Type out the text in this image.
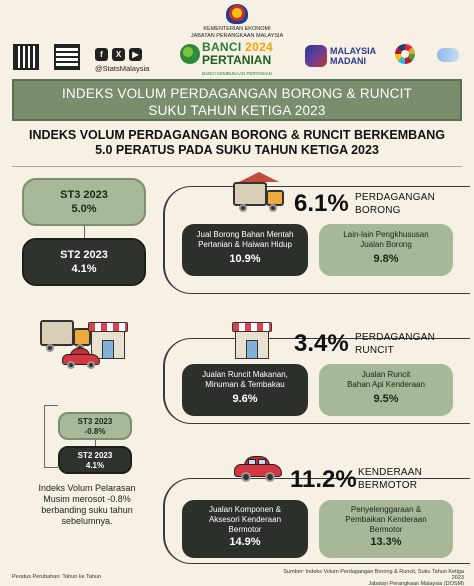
KEMENTERIAN EKONOMI
JABATAN PERANGKAAN MALAYSIA
f	X	▶
@StatsMalaysia
BANCI 2024
PERTANIAN
BANCI KEMBUKAAN PERTANIAN
MALAYSIA
MADANI
INDEKS VOLUM PERDAGANGAN BORONG & RUNCIT
SUKU TAHUN KETIGA 2023
INDEKS VOLUM PERDAGANGAN BORONG & RUNCIT BERKEMBANG
5.0 PERATUS PADA SUKU TAHUN KETIGA 2023
ST3 2023
5.0%
ST2 2023
4.1%
ST3 2023
-0.8%
ST2 2023
4.1%
Indeks Volum Pelarasan
Musim merosot -0.8%
berbanding suku tahun
sebelumnya.
6.1% PERDAGANGAN
BORONG
Jual Borong Bahan Mentah
Pertanian & Haiwan Hidup
10.9%
Lain-lain Pengkhususan
Jualan Borong
9.8%
3.4% PERDAGANGAN
RUNCIT
Jualan Runcit Makanan,
Minuman & Tembakau
9.6%
Jualan Runcit
Bahan Api Kenderaan
9.5%
11.2% KENDERAAN
BERMOTOR
Jualan Komponen &
Aksesori Kenderaan
Bermotor
14.9%
Penyelenggaraan &
Pembaikan Kenderaan
Bermotor
13.3%
Peratus Perubahan: Tahun ke Tahun
Sumber: Indeks Volum Perdagangan Borong & Runcit, Suku Tahun Ketiga 2023
Jabatan Perangkaan Malaysia (DOSM)
